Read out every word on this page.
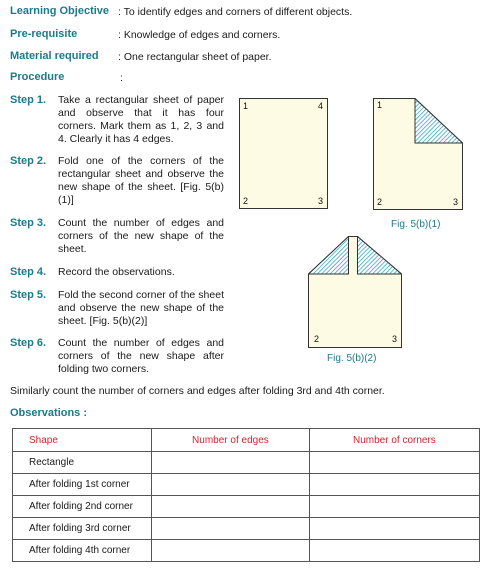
Learning Objective : To identify edges and corners of different objects.
Pre-requisite	: Knowledge of edges and corners.
Material required : One rectangular sheet of paper.
Procedure	:
Step 1. Take a rectangular sheet of paper and observe that it has four corners. Mark them as 1, 2, 3 and 4. Clearly it has 4 edges.
Step 2. Fold one of the corners of the rectangular sheet and observe the new shape of the sheet. [Fig. 5(b)(1)]
Step 3. Count the number of edges and corners of the new shape of the sheet.
Step 4. Record the observations.
Step 5. Fold the second corner of the sheet and observe the new shape of the sheet. [Fig. 5(b)(2)]
Step 6. Count the number of edges and corners of the new shape after folding two corners.
1	4
2	3
1
2	3
Fig. 5(b)(1)
2	3
Fig. 5(b)(2)
Similarly count the number of corners and edges after folding 3rd and 4th corner.
Observations :
Shape	Number of edges	Number of corners
Rectangle		
After folding 1st corner		
After folding 2nd corner		
After folding 3rd corner		
After folding 4th corner		
